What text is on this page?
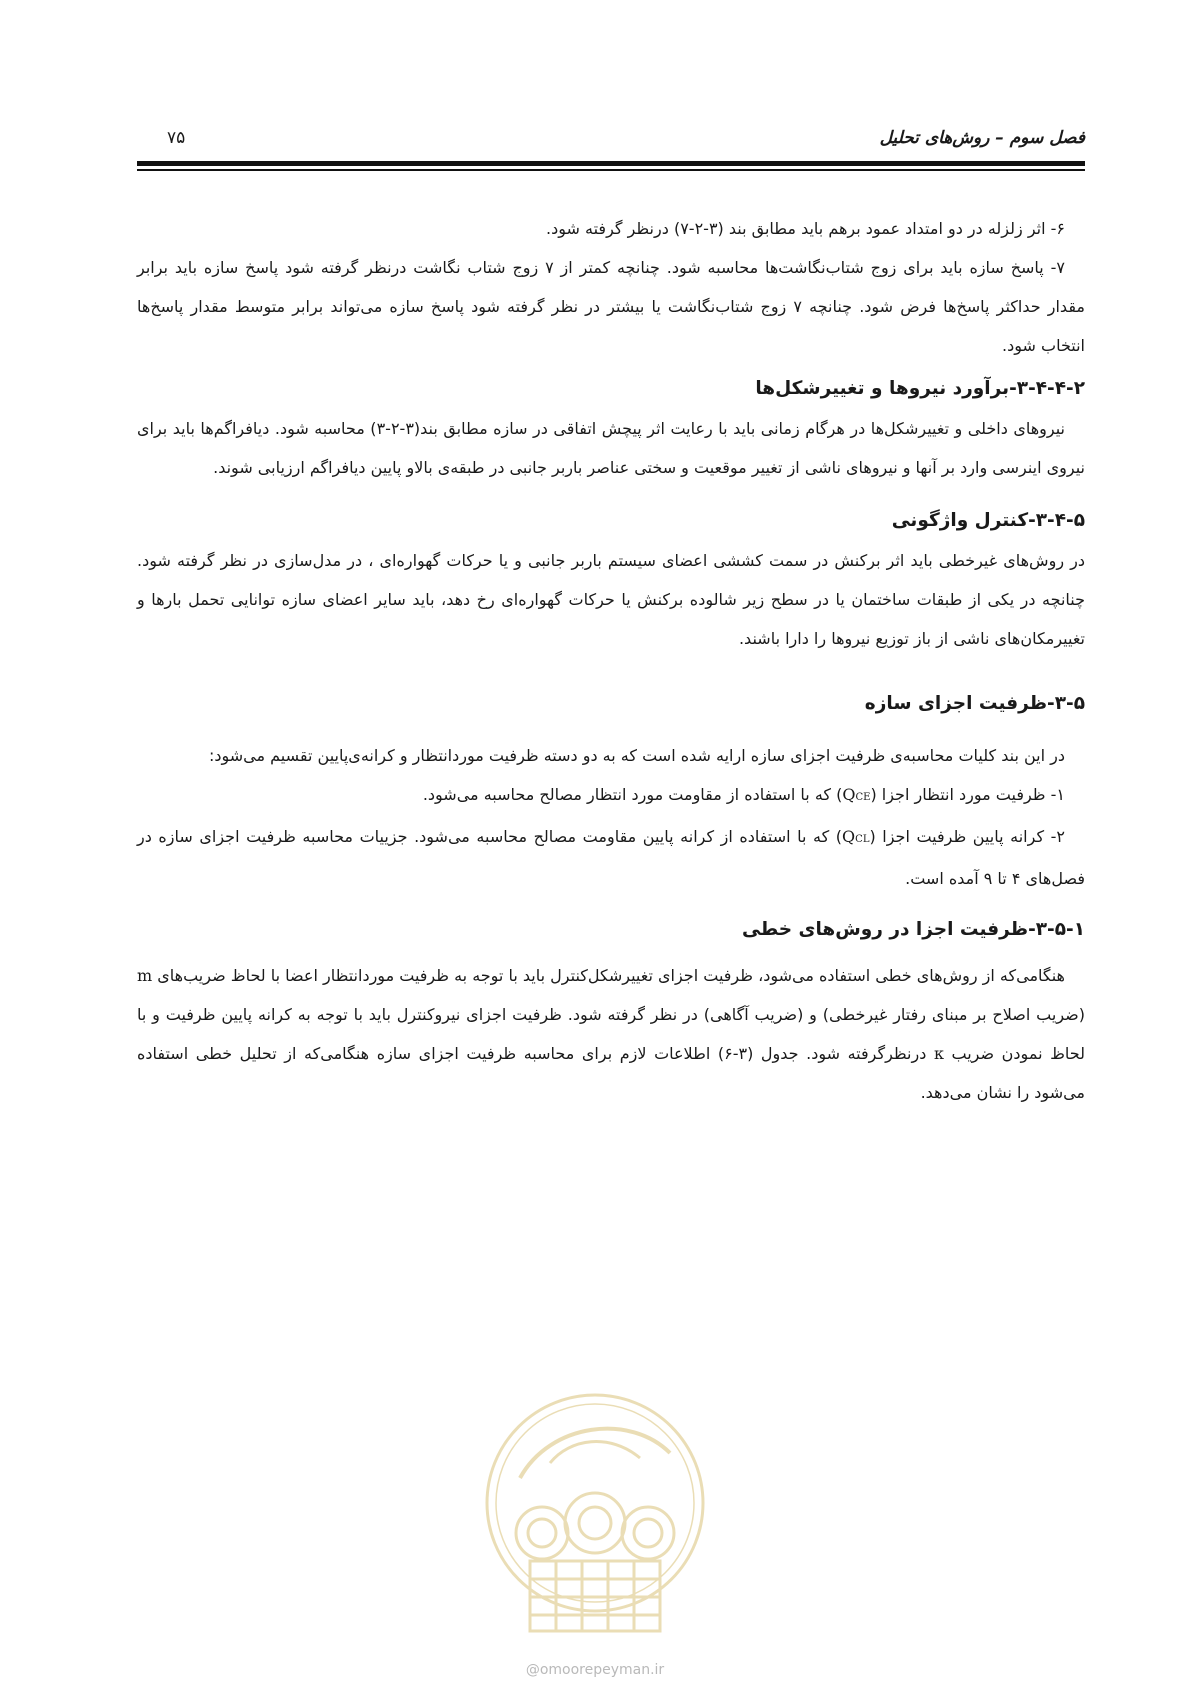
فصل سوم – روش‌های تحلیل
۷۵

۶- اثر زلزله در دو امتداد عمود برهم باید مطابق بند (۳-۲-۷) درنظر گرفته شود.

۷- پاسخ سازه باید برای زوج شتاب‌نگاشت‌ها محاسبه شود. چنانچه کمتر از ۷ زوج شتاب نگاشت درنظر گرفته شود پاسخ سازه باید برابر مقدار حداکثر پاسخ‌ها فرض شود. چنانچه ۷ زوج شتاب‌نگاشت یا بیشتر در نظر گرفته شود پاسخ سازه می‌تواند برابر متوسط مقدار پاسخ‌ها انتخاب شود.

۳-۴-۴-۲-برآورد نیروها و تغییرشکل‌ها

نیروهای داخلی و تغییرشکل‌ها در هرگام زمانی باید با رعایت اثر پیچش اتفاقی در سازه مطابق بند(۳-۲-۳) محاسبه شود. دیافراگم‌ها باید برای نیروی اینرسی وارد بر آنها و نیروهای ناشی از تغییر موقعیت و سختی عناصر باربر جانبی در طبقه‌ی بالاو پایین دیافراگم ارزیابی شوند.

۳-۴-۵-کنترل واژگونی

در روش‌های غیرخطی باید اثر برکنش در سمت کششی اعضای سیستم باربر جانبی و یا حرکات گهواره‌ای ، در مدل‌سازی در نظر گرفته شود. چنانچه در یکی از طبقات ساختمان یا در سطح زیر شالوده برکنش یا حرکات گهواره‌ای رخ دهد، باید سایر اعضای سازه توانایی تحمل بارها و تغییرمکان‌های ناشی از باز توزیع نیروها را دارا باشند.

۳-۵-ظرفیت اجزای سازه

در این بند کلیات محاسبه‌ی ظرفیت اجزای سازه ارایه شده است که به دو دسته ظرفیت موردانتظار و کرانه‌ی‌پایین تقسیم می‌شود:

۱- ظرفیت مورد انتظار اجزا (QCE) که با استفاده از مقاومت مورد انتظار مصالح محاسبه می‌شود.

۲- کرانه پایین ظرفیت اجزا (QCL) که با استفاده از کرانه پایین مقاومت مصالح محاسبه می‌شود. جزییات محاسبه ظرفیت اجزای سازه در فصل‌های ۴ تا ۹ آمده است.

۳-۵-۱-ظرفیت اجزا در روش‌های خطی

هنگامی‌که از روش‌های خطی استفاده می‌شود، ظرفیت اجزای تغییرشکل‌کنترل باید با توجه به ظرفیت موردانتظار اعضا با لحاظ ضریب‌های m (ضریب اصلاح بر مبنای رفتار غیرخطی) و (ضریب آگاهی) در نظر گرفته شود. ظرفیت اجزای نیروکنترل باید با توجه به کرانه پایین ظرفیت و با لحاظ نمودن ضریب κ درنظرگرفته شود. جدول (۳-۶) اطلاعات لازم برای محاسبه ظرفیت اجزای سازه هنگامی‌که از تحلیل خطی استفاده می‌شود را نشان می‌دهد.

@omoorepeyman.ir
